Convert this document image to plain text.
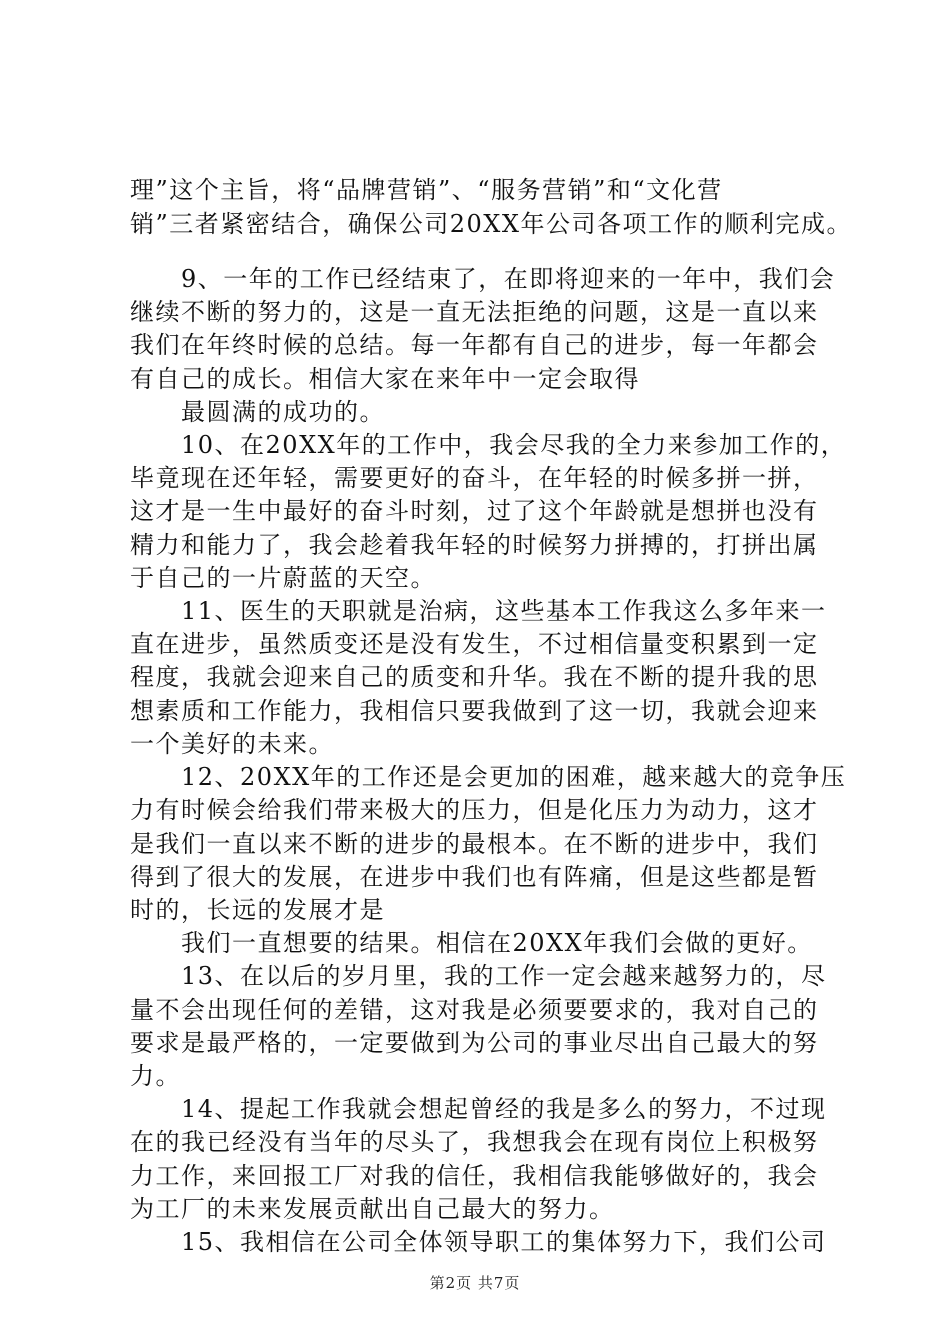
理”这个主旨，将“品牌营销”、“服务营销”和“文化营
销”三者紧密结合，确保公司20XX年公司各项工作的顺利完成。
　　9、一年的工作已经结束了，在即将迎来的一年中，我们会
继续不断的努力的，这是一直无法拒绝的问题，这是一直以来
我们在年终时候的总结。每一年都有自己的进步，每一年都会
有自己的成长。相信大家在来年中一定会取得
　　最圆满的成功的。
　　10、在20XX年的工作中，我会尽我的全力来参加工作的，
毕竟现在还年轻，需要更好的奋斗，在年轻的时候多拼一拼，
这才是一生中最好的奋斗时刻，过了这个年龄就是想拼也没有
精力和能力了，我会趁着我年轻的时候努力拼搏的，打拼出属
于自己的一片蔚蓝的天空。
　　11、医生的天职就是治病，这些基本工作我这么多年来一
直在进步，虽然质变还是没有发生，不过相信量变积累到一定
程度，我就会迎来自己的质变和升华。我在不断的提升我的思
想素质和工作能力，我相信只要我做到了这一切，我就会迎来
一个美好的未来。
　　12、20XX年的工作还是会更加的困难，越来越大的竞争压
力有时候会给我们带来极大的压力，但是化压力为动力，这才
是我们一直以来不断的进步的最根本。在不断的进步中，我们
得到了很大的发展，在进步中我们也有阵痛，但是这些都是暂
时的，长远的发展才是
　　我们一直想要的结果。相信在20XX年我们会做的更好。
　　13、在以后的岁月里，我的工作一定会越来越努力的，尽
量不会出现任何的差错，这对我是必须要要求的，我对自己的
要求是最严格的，一定要做到为公司的事业尽出自己最大的努
力。
　　14、提起工作我就会想起曾经的我是多么的努力，不过现
在的我已经没有当年的尽头了，我想我会在现有岗位上积极努
力工作，来回报工厂对我的信任，我相信我能够做好的，我会
为工厂的未来发展贡献出自己最大的努力。
　　15、我相信在公司全体领导职工的集体努力下，我们公司
第2页 共7页
